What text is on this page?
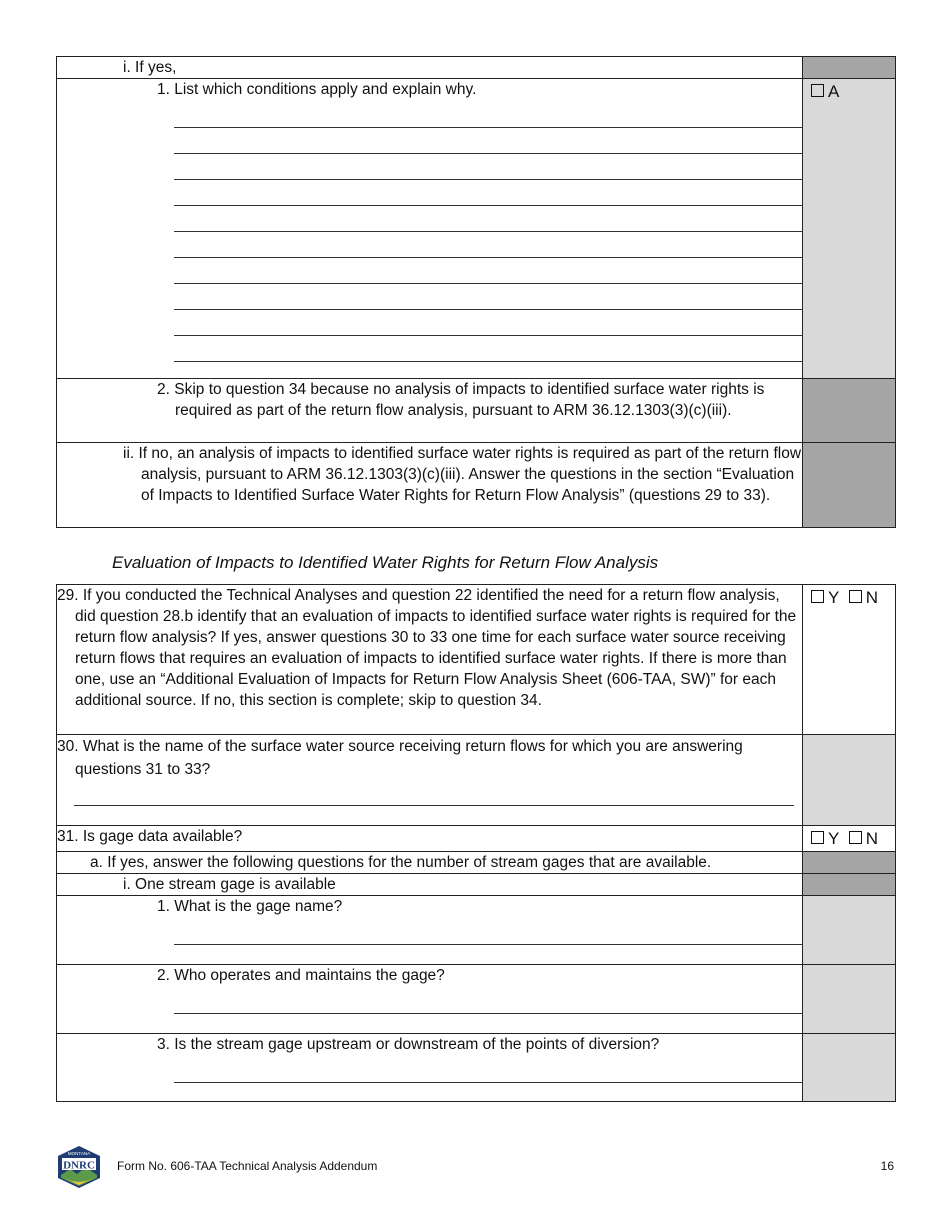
i. If yes,	

1. List which conditions apply and explain why.	A

2. Skip to question 34 because no analysis of impacts to identified surface water rights is required as part of the return flow analysis, pursuant to ARM 36.12.1303(3)(c)(iii).	

ii. If no, an analysis of impacts to identified surface water rights is required as part of the return flow analysis, pursuant to ARM 36.12.1303(3)(c)(iii). Answer the questions in the section “Evaluation of Impacts to Identified Surface Water Rights for Return Flow Analysis” (questions 29 to 33).	

Evaluation of Impacts to Identified Water Rights for Return Flow Analysis
29. If you conducted the Technical Analyses and question 22 identified the need for a return flow analysis, did question 28.b identify that an evaluation of impacts to identified surface water rights is required for the return flow analysis? If yes, answer questions 30 to 33 one time for each surface water source receiving return flows that requires an evaluation of impacts to identified surface water rights. If there is more than one, use an “Additional Evaluation of Impacts for Return Flow Analysis Sheet (606-TAA, SW)” for each additional source. If no, this section is complete; skip to question 34.	Y N

30. What is the name of the surface water source receiving return flows for which you are answering questions 31 to 33?	

31. Is gage data available?	Y N

a. If yes, answer the following questions for the number of stream gages that are available.	

i. One stream gage is available	

1. What is the gage name?	

2. Who operates and maintains the gage?	

3. Is the stream gage upstream or downstream of the points of diversion?	

MONTANA
DNRC Form No. 606-TAA Technical Analysis Addendum	16
